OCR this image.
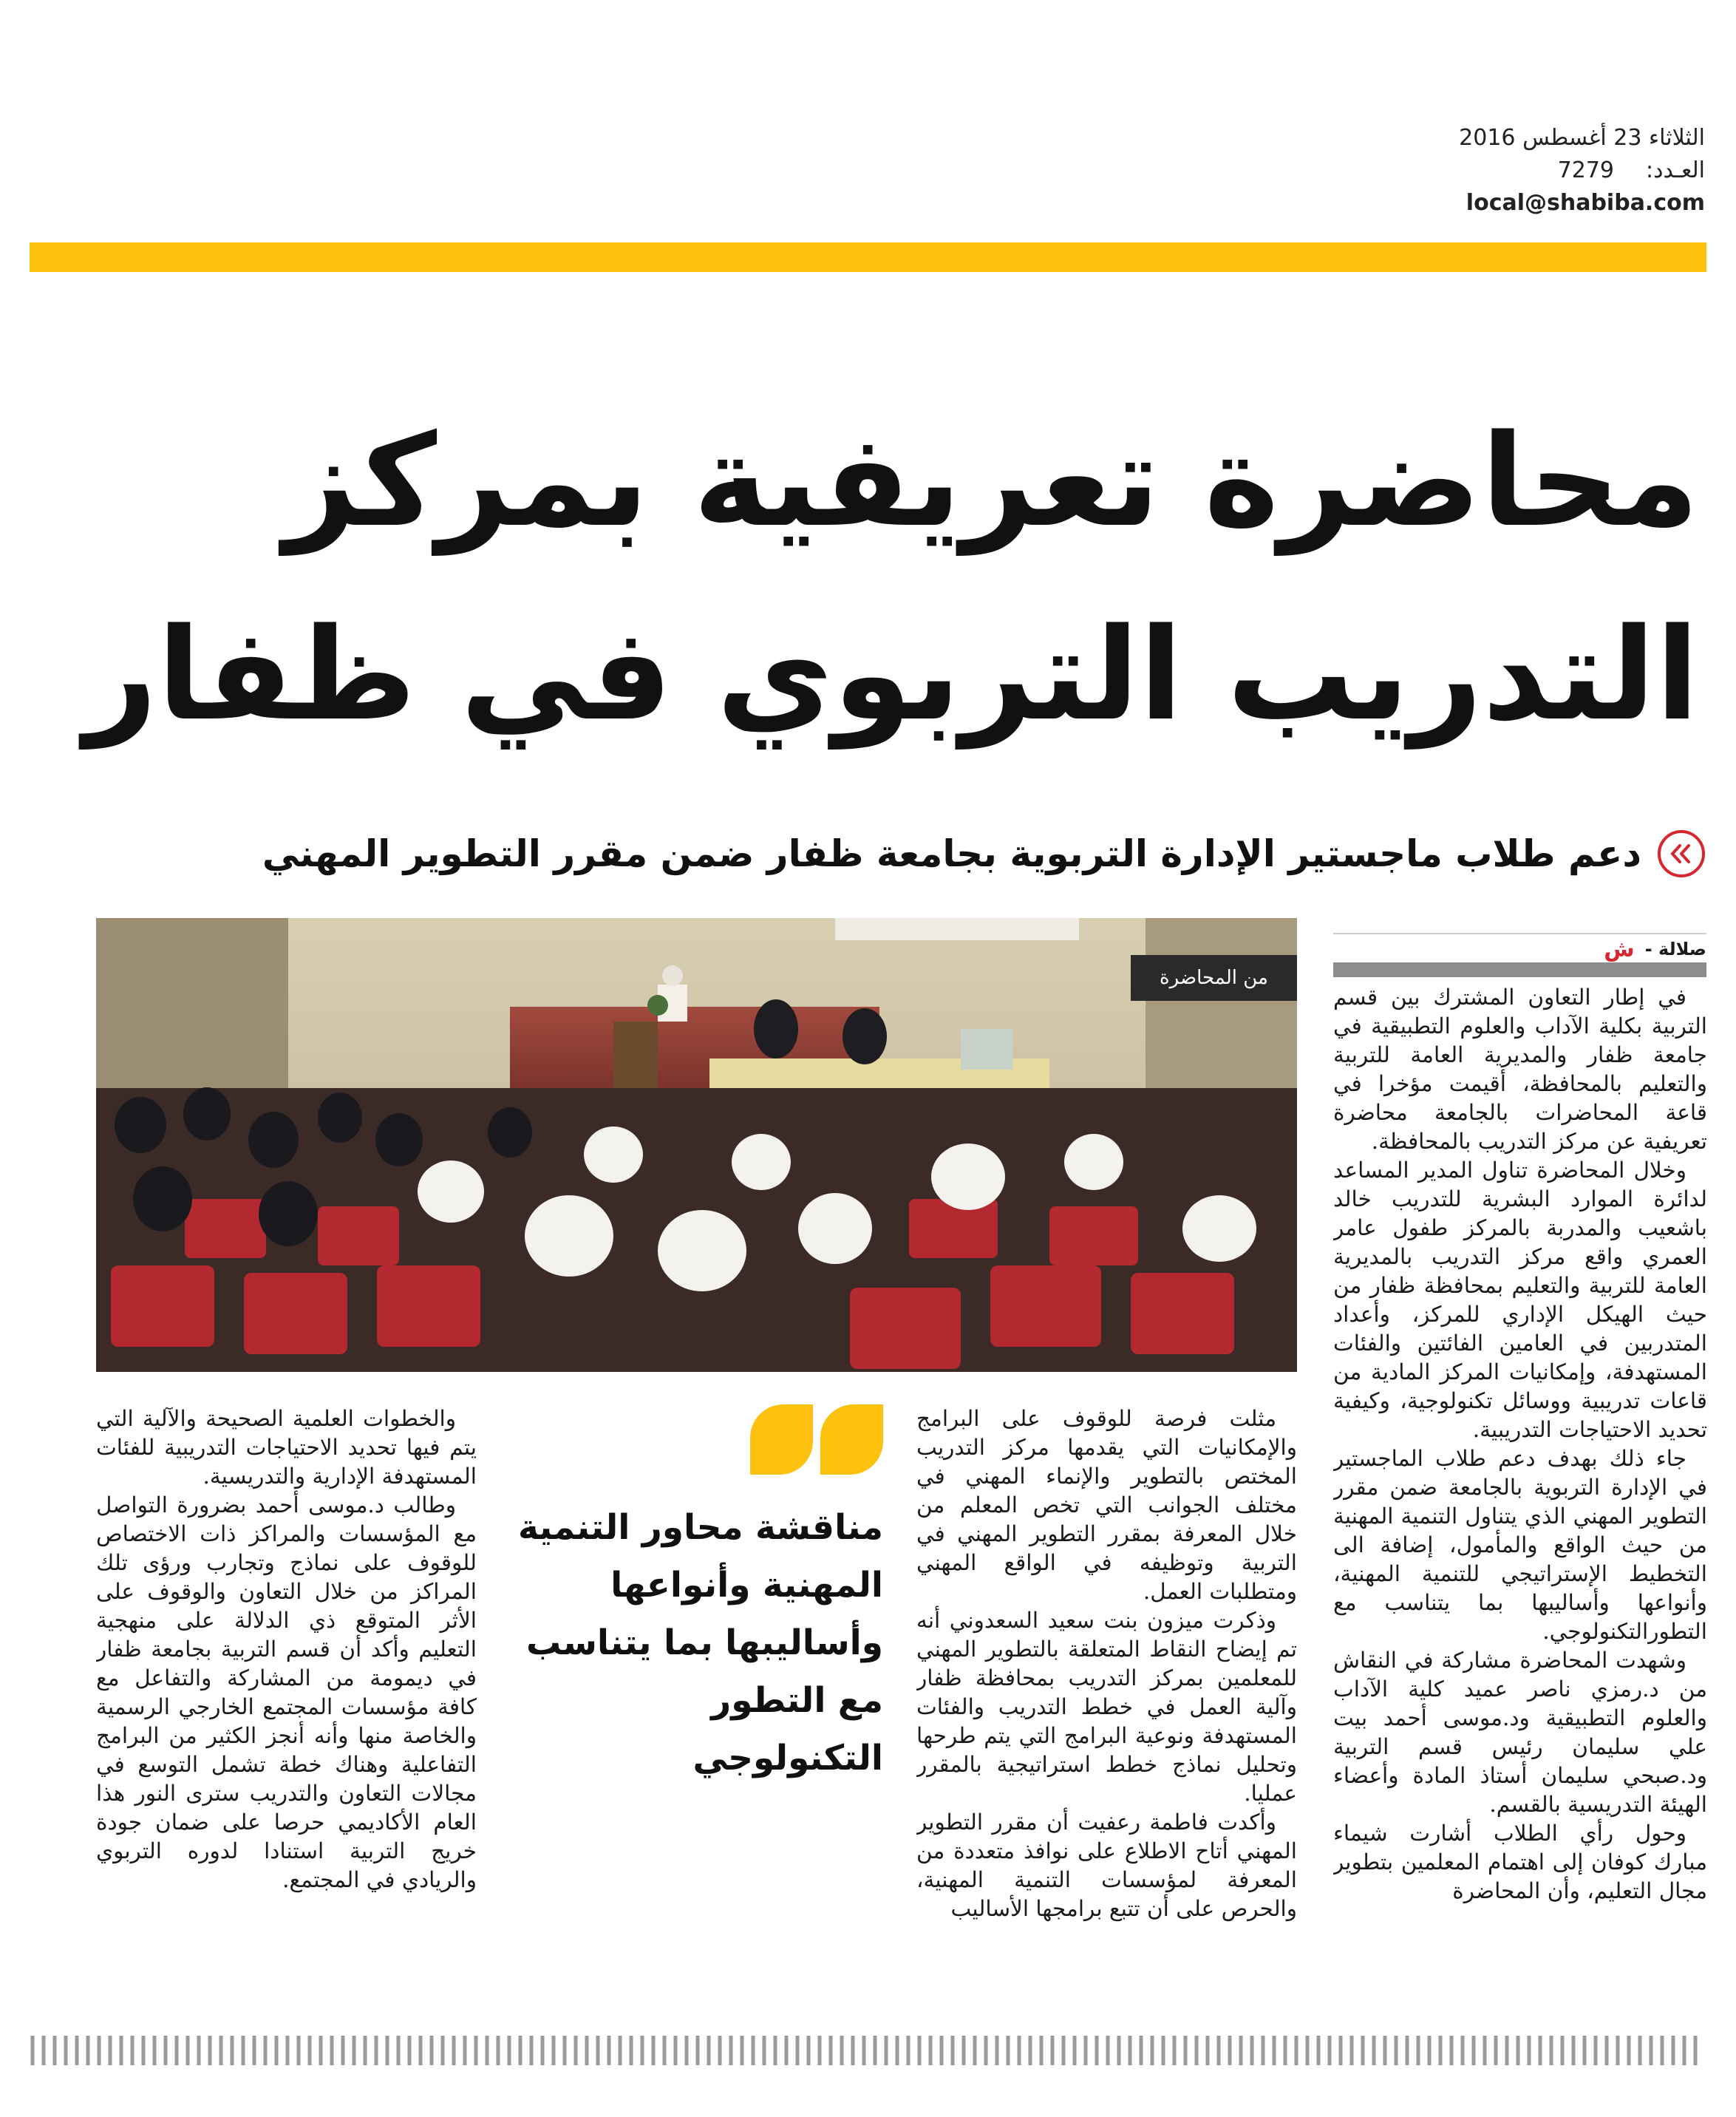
الثلاثاء 23 أغسطس 2016
العـدد:
7279
local@shabiba.com
محاضرة تعريفية بمركز
التدريب التربوي في ظفار
دعم طلاب ماجستير الإدارة التربوية بجامعة ظفار ضمن مقرر التطوير المهني
من المحاضرة
صلالة -
ش

في إطار التعاون المشترك بين قسم التربية بكلية الآداب والعلوم التطبيقية في جامعة ظفار والمديرية العامة للتربية والتعليم بالمحافظة، أقيمت مؤخرا في قاعة المحاضرات بالجامعة محاضرة تعريفية عن مركز التدريب بالمحافظة.

وخلال المحاضرة تناول المدير المساعد لدائرة الموارد البشرية للتدريب خالد باشعيب والمدربة بالمركز طفول عامر العمري واقع مركز التدريب بالمديرية العامة للتربية والتعليم بمحافظة ظفار من حيث الهيكل الإداري للمركز، وأعداد المتدربين في العامين الفائتين والفئات المستهدفة، وإمكانيات المركز المادية من قاعات تدريبية ووسائل تكنولوجية، وكيفية تحديد الاحتياجات التدريبية.

جاء ذلك بهدف دعم طلاب الماجستير في الإدارة التربوية بالجامعة ضمن مقرر التطوير المهني الذي يتناول التنمية المهنية من حيث الواقع والمأمول، إضافة الى التخطيط الإستراتيجي للتنمية المهنية، وأنواعها وأساليبها بما يتناسب مع التطورالتكنولوجي.

وشهدت المحاضرة مشاركة في النقاش من د.رمزي ناصر عميد كلية الآداب والعلوم التطبيقية ود.موسى أحمد بيت علي سليمان رئيس قسم التربية ود.صبحي سليمان أستاذ المادة وأعضاء الهيئة التدريسية بالقسم.

وحول رأي الطلاب أشارت شيماء مبارك كوفان إلى اهتمام المعلمين بتطوير مجال التعليم، وأن المحاضرة

مثلت فرصة للوقوف على البرامج والإمكانيات التي يقدمها مركز التدريب المختص بالتطوير والإنماء المهني في مختلف الجوانب التي تخص المعلم من خلال المعرفة بمقرر التطوير المهني في التربية وتوظيفه في الواقع المهني ومتطلبات العمل.

وذكرت ميزون بنت سعيد السعدوني أنه تم إيضاح النقاط المتعلقة بالتطوير المهني للمعلمين بمركز التدريب بمحافظة ظفار وآلية العمل في خطط التدريب والفئات المستهدفة ونوعية البرامج التي يتم طرحها وتحليل نماذج خطط استراتيجية بالمقرر عمليا.

وأكدت فاطمة رعفيت أن مقرر التطوير المهني أتاح الاطلاع على نوافذ متعددة من المعرفة لمؤسسات التنمية المهنية، والحرص على أن تتبع برامجها الأساليب

مناقشة محاور التنمية
المهنية وأنواعها
وأساليبها بما يتناسب
مع التطور التكنولوجي

والخطوات العلمية الصحيحة والآلية التي يتم فيها تحديد الاحتياجات التدريبية للفئات المستهدفة الإدارية والتدريسية.

وطالب د.موسى أحمد بضرورة التواصل مع المؤسسات والمراكز ذات الاختصاص للوقوف على نماذج وتجارب ورؤى تلك المراكز من خلال التعاون والوقوف على الأثر المتوقع ذي الدلالة على منهجية التعليم وأكد أن قسم التربية بجامعة ظفار في ديمومة من المشاركة والتفاعل مع كافة مؤسسات المجتمع الخارجي الرسمية والخاصة منها وأنه أنجز الكثير من البرامج التفاعلية وهناك خطة تشمل التوسع في مجالات التعاون والتدريب سترى النور هذا العام الأكاديمي حرصا على ضمان جودة خريج التربية استنادا لدوره التربوي والريادي في المجتمع.
